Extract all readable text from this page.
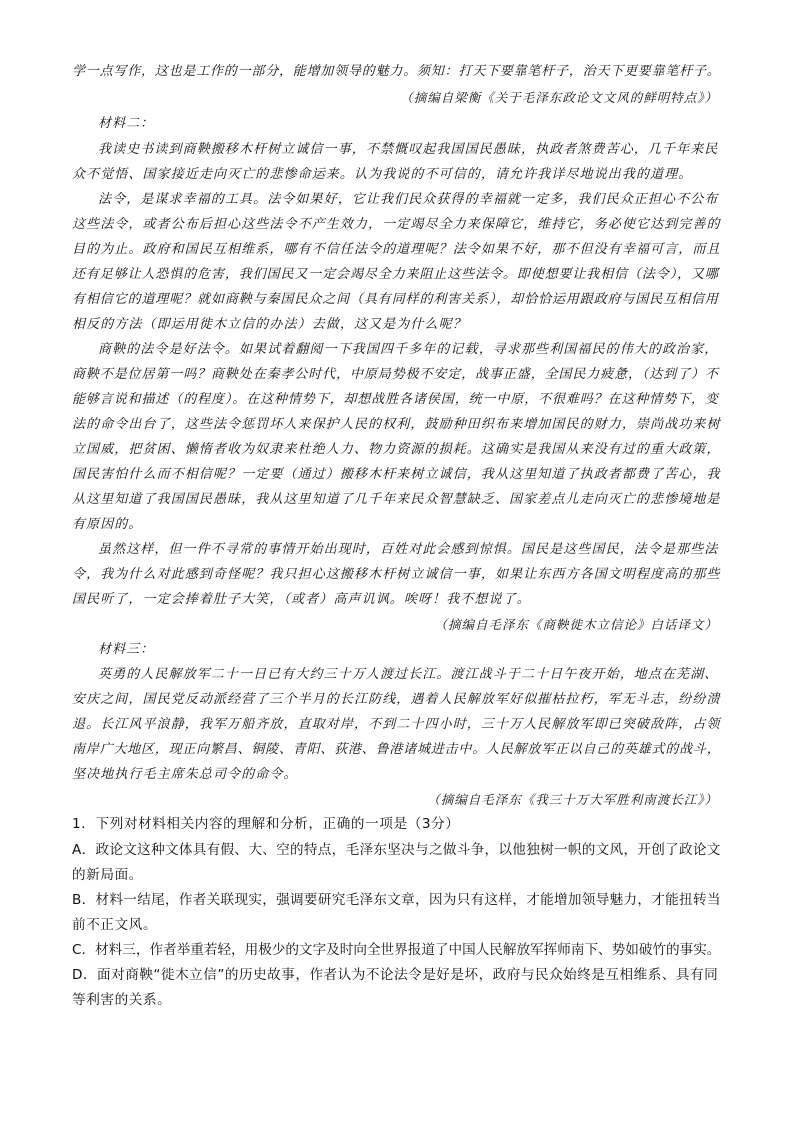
学一点写作，这也是工作的一部分，能增加领导的魅力。须知：打天下要靠笔杆子，治天下更要靠笔杆子。
（摘编自梁衡《关于毛泽东政论文文风的鲜明特点》）
材料二：
我读史书读到商鞅搬移木杆树立诚信一事，不禁慨叹起我国国民愚昧，执政者煞费苦心，几千年来民
众不觉悟、国家接近走向灭亡的悲惨命运来。认为我说的不可信的，请允许我详尽地说出我的道理。
法令，是谋求幸福的工具。法令如果好，它让我们民众获得的幸福就一定多，我们民众正担心不公布
这些法令，或者公布后担心这些法令不产生效力，一定竭尽全力来保障它，维持它，务必使它达到完善的
目的为止。政府和国民互相维系，哪有不信任法令的道理呢？法令如果不好，那不但没有幸福可言，而且
还有足够让人恐惧的危害，我们国民又一定会竭尽全力来阻止这些法令。即使想要让我相信（法令），又哪
有相信它的道理呢？就如商鞅与秦国民众之间（具有同样的利害关系），却恰恰运用跟政府与国民互相信用
相反的方法（即运用徙木立信的办法）去做，这又是为什么呢？
商鞅的法令是好法令。如果试着翻阅一下我国四千多年的记载，寻求那些利国福民的伟大的政治家，
商鞅不是位居第一吗？商鞅处在秦孝公时代，中原局势极不安定，战事正盛，全国民力疲惫，（达到了）不
能够言说和描述（的程度）。在这种情势下，却想战胜各诸侯国，统一中原，不很难吗？在这种情势下，变
法的命令出台了，这些法令惩罚坏人来保护人民的权利，鼓励种田织布来增加国民的财力，崇尚战功来树
立国威，把贫困、懒惰者收为奴隶来杜绝人力、物力资源的损耗。这确实是我国从来没有过的重大政策，
国民害怕什么而不相信呢？一定要（通过）搬移木杆来树立诚信，我从这里知道了执政者都费了苦心，我
从这里知道了我国国民愚昧，我从这里知道了几千年来民众智慧缺乏、国家差点儿走向灭亡的悲惨境地是
有原因的。
虽然这样，但一件不寻常的事情开始出现时，百姓对此会感到惊惧。国民是这些国民，法令是那些法
令，我为什么对此感到奇怪呢？我只担心这搬移木杆树立诚信一事，如果让东西方各国文明程度高的那些
国民听了，一定会捧着肚子大笑，（或者）高声讥讽。唉呀！我不想说了。
（摘编自毛泽东《商鞅徙木立信论》白话译文）
材料三：
英勇的人民解放军二十一日已有大约三十万人渡过长江。渡江战斗于二十日午夜开始，地点在芜湖、
安庆之间，国民党反动派经营了三个半月的长江防线，遇着人民解放军好似摧枯拉朽，军无斗志，纷纷溃
退。长江风平浪静，我军万船齐放，直取对岸，不到二十四小时，三十万人民解放军即已突破敌阵，占领
南岸广大地区，现正向繁昌、铜陵、青阳、荻港、鲁港诸城进击中。人民解放军正以自己的英雄式的战斗，
坚决地执行毛主席朱总司令的命令。
（摘编自毛泽东《我三十万大军胜利南渡长江》）
1．下列对材料相关内容的理解和分析，正确的一项是（3分）
A．政论文这种文体具有假、大、空的特点，毛泽东坚决与之做斗争，以他独树一帜的文风，开创了政论文
的新局面。
B．材料一结尾，作者关联现实，强调要研究毛泽东文章，因为只有这样，才能增加领导魅力，才能扭转当
前不正文风。
C．材料三，作者举重若轻，用极少的文字及时向全世界报道了中国人民解放军挥师南下、势如破竹的事实。
D．面对商鞅“徙木立信”的历史故事，作者认为不论法令是好是坏，政府与民众始终是互相维系、具有同
等利害的关系。
